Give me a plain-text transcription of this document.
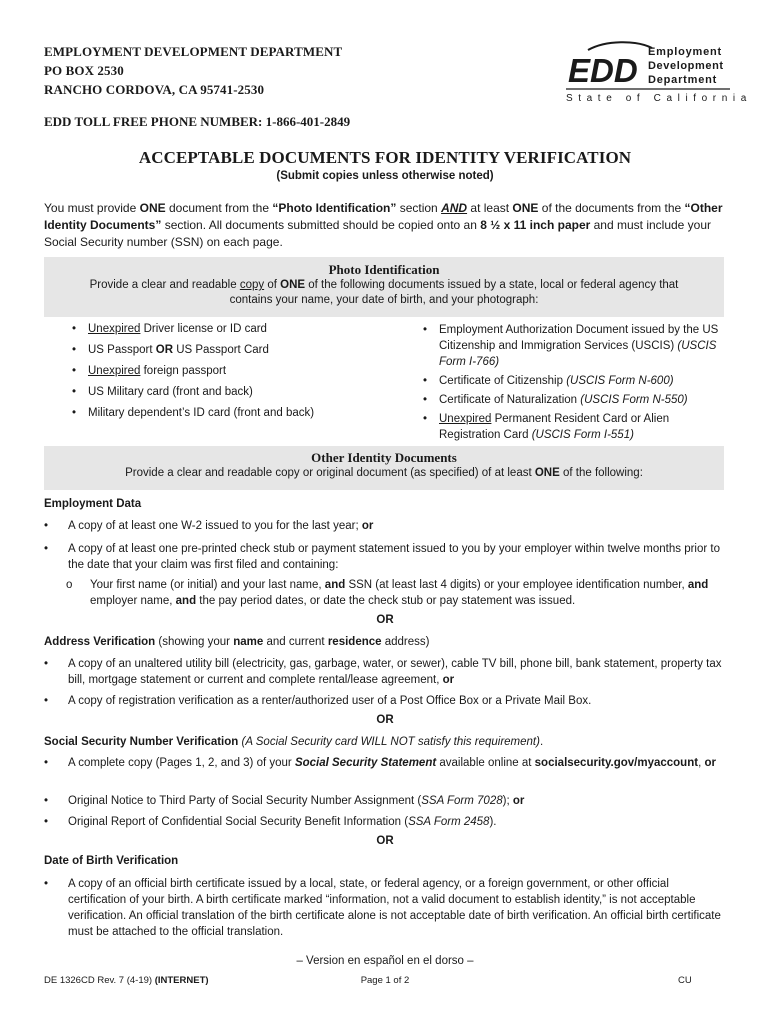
EMPLOYMENT DEVELOPMENT DEPARTMENT
PO BOX 2530
RANCHO CORDOVA, CA 95741-2530
EDD Employment
Development
Department
State of California
EDD TOLL FREE PHONE NUMBER: 1-866-401-2849
ACCEPTABLE DOCUMENTS FOR IDENTITY VERIFICATION
(Submit copies unless otherwise noted)
You must provide ONE document from the “Photo Identification” section AND at least ONE of the documents from the “Other Identity Documents” section. All documents submitted should be copied onto an 8 ½ x 11 inch paper and must include your Social Security number (SSN) on each page.
Photo Identification
Provide a clear and readable copy of ONE of the following documents issued by a state, local or federal agency that contains your name, your date of birth, and your photograph:
• Unexpired Driver license or ID card
• US Passport OR US Passport Card
• Unexpired foreign passport
• US Military card (front and back)
• Military dependent’s ID card (front and back)
• Employment Authorization Document issued by the US Citizenship and Immigration Services (USCIS) (USCIS Form I-766)
• Certificate of Citizenship (USCIS Form N-600)
• Certificate of Naturalization (USCIS Form N-550)
• Unexpired Permanent Resident Card or Alien Registration Card (USCIS Form I-551)
Other Identity Documents
Provide a clear and readable copy or original document (as specified) of at least ONE of the following:
Employment Data
• A copy of at least one W-2 issued to you for the last year; or
• A copy of at least one pre-printed check stub or payment statement issued to you by your employer within twelve months prior to the date that your claim was first filed and containing:
o Your first name (or initial) and your last name, and SSN (at least last 4 digits) or your employee identification number, and employer name, and the pay period dates, or date the check stub or pay statement was issued.
OR
Address Verification (showing your name and current residence address)
• A copy of an unaltered utility bill (electricity, gas, garbage, water, or sewer), cable TV bill, phone bill, bank statement, property tax bill, mortgage statement or current and complete rental/lease agreement, or
• A copy of registration verification as a renter/authorized user of a Post Office Box or a Private Mail Box.
OR
Social Security Number Verification (A Social Security card WILL NOT satisfy this requirement).
• A complete copy (Pages 1, 2, and 3) of your Social Security Statement available online at socialsecurity.gov/myaccount, or
• Original Notice to Third Party of Social Security Number Assignment (SSA Form 7028); or
• Original Report of Confidential Social Security Benefit Information (SSA Form 2458).
OR
Date of Birth Verification
• A copy of an official birth certificate issued by a local, state, or federal agency, or a foreign government, or other official certification of your birth. A birth certificate marked “information, not a valid document to establish identity,” is not acceptable verification. An official translation of the birth certificate alone is not acceptable date of birth verification. An official birth certificate must be attached to the official translation.
– Version en español en el dorso –
DE 1326CD Rev. 7 (4-19) (INTERNET)	Page 1 of 2	CU
